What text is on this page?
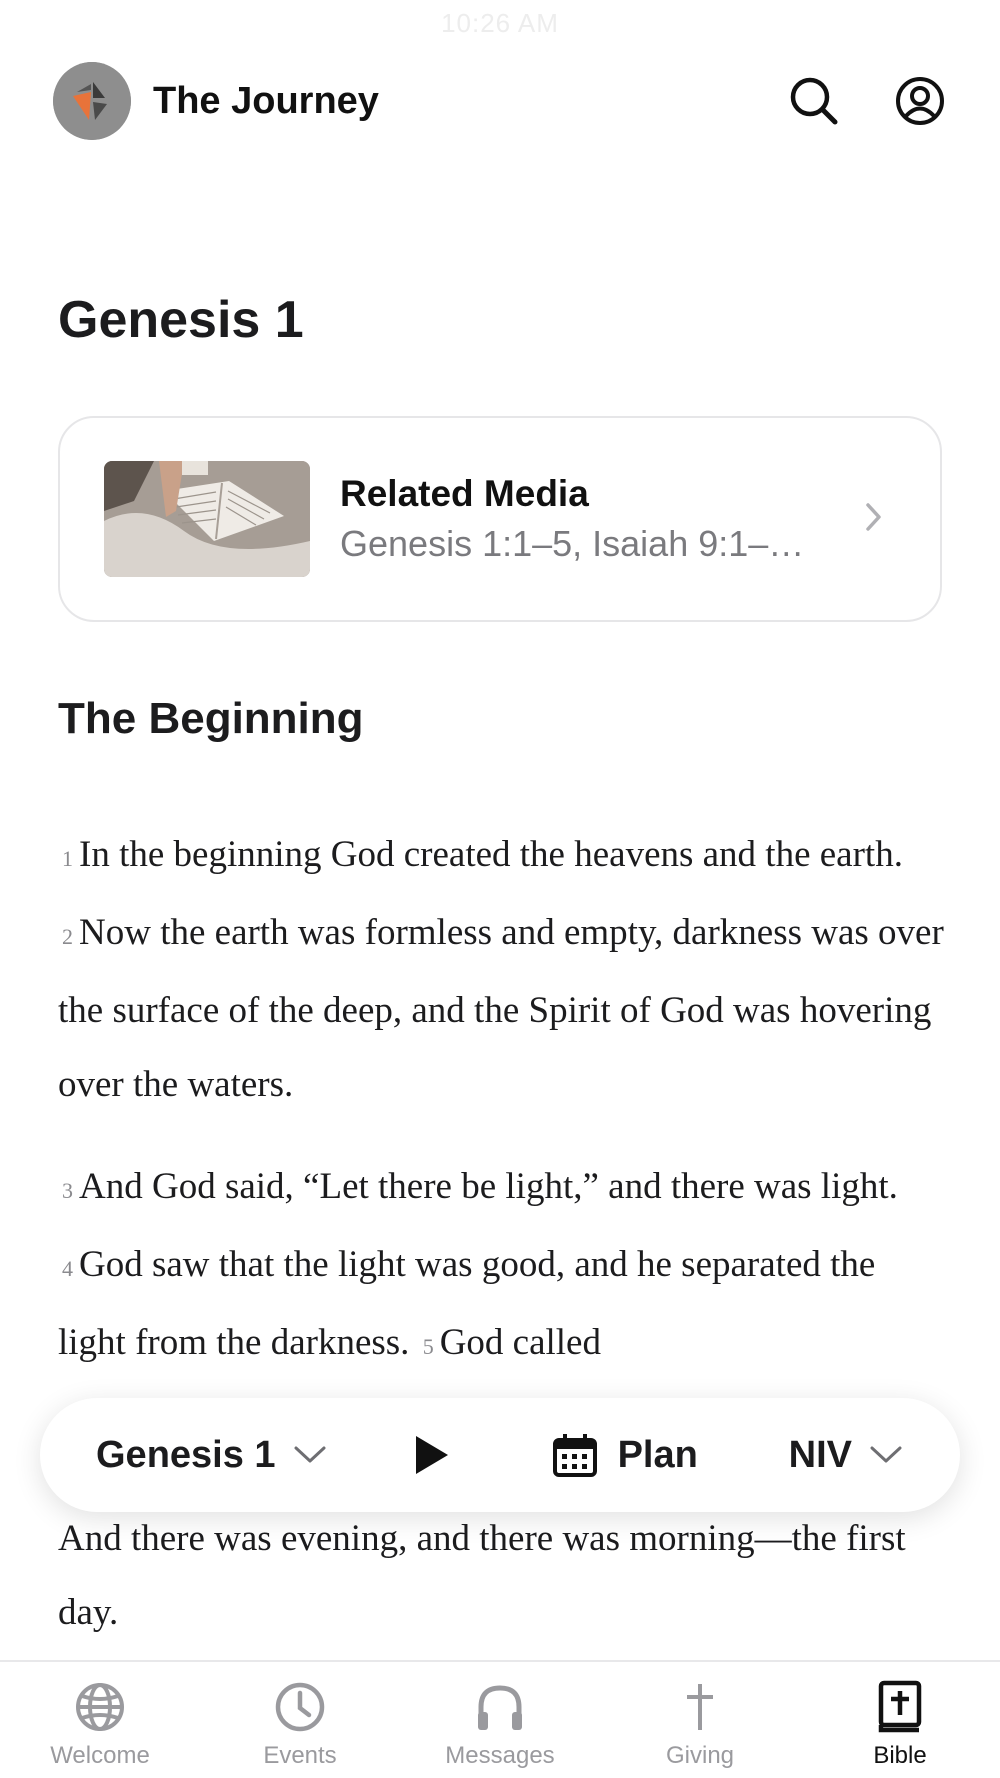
10:26 AM
The Journey
Genesis 1
Related Media
Genesis 1:1–5, Isaiah 9:1–…
The Beginning

1 In the beginning God created the heavens and the earth. 2 Now the earth was formless and empty, darkness was over the surface of the deep, and the Spirit of God was hovering over the waters.

3 And God said, “Let there be light,” and there was light. 4 God saw that the light was good, and he separated the light from the darkness. 5 God called

And there was evening, and there was morning—the first day.
Genesis 1	Plan NIV
Welcome	Events	Messages	Giving	Bible
